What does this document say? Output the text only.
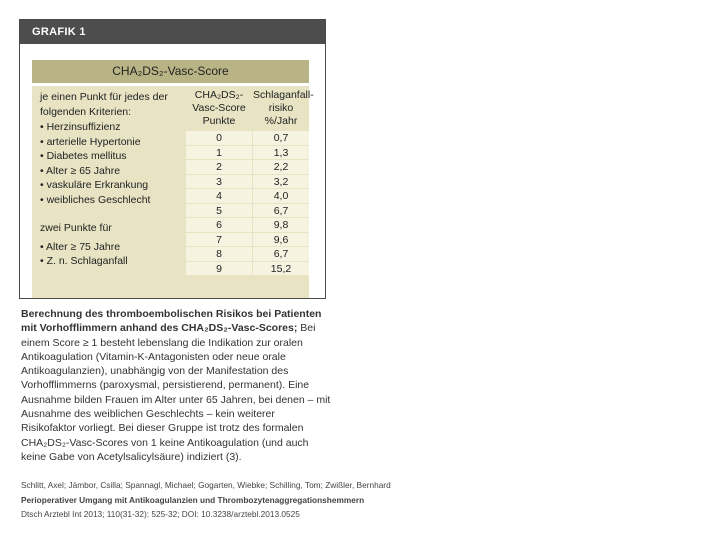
GRAFIK 1
CHA₂DS₂-Vasc-Score
je einen Punkt für jedes der folgenden Kriterien:
• Herzinsuffizienz
• arterielle Hypertonie
• Diabetes mellitus
• Alter ≥ 65 Jahre
• vaskuläre Erkrankung
• weibliches Geschlecht
zwei Punkte für
• Alter ≥ 75 Jahre
• Z. n. Schlaganfall
CHA₂DS₂-Vasc-Score Punkte
0
1
2
3
4
5
6
7
8
9
Schlaganfall-risiko %/Jahr
0,7
1,3
2,2
3,2
4,0
6,7
9,8
9,6
6,7
15,2
Berechnung des thromboembolischen Risikos bei Patienten mit Vorhofflimmern anhand des CHA₂DS₂-Vasc-Scores; Bei einem Score ≥ 1 besteht lebenslang die Indikation zur oralen Antikoagulation (Vitamin-K-Antagonisten oder neue orale Antikoagulanzien), unabhängig von der Manifestation des Vorhofflimmerns (paroxysmal, persistierend, permanent). Eine Ausnahme bilden Frauen im Alter unter 65 Jahren, bei denen – mit Ausnahme des weiblichen Geschlechts – kein weiterer Risikofaktor vorliegt. Bei dieser Gruppe ist trotz des formalen CHA₂DS₂-Vasc-Scores von 1 keine Antikoagulation (und auch keine Gabe von Acetylsalicylsäure) indiziert (3).
Schlitt, Axel; Jámbor, Csilla; Spannagl, Michael; Gogarten, Wiebke; Schilling, Tom; Zwißler, Bernhard
Perioperativer Umgang mit Antikoagulanzien und Thrombozytenaggregationshemmern
Dtsch Arztebl Int 2013; 110(31-32): 525-32; DOI: 10.3238/arztebl.2013.0525
